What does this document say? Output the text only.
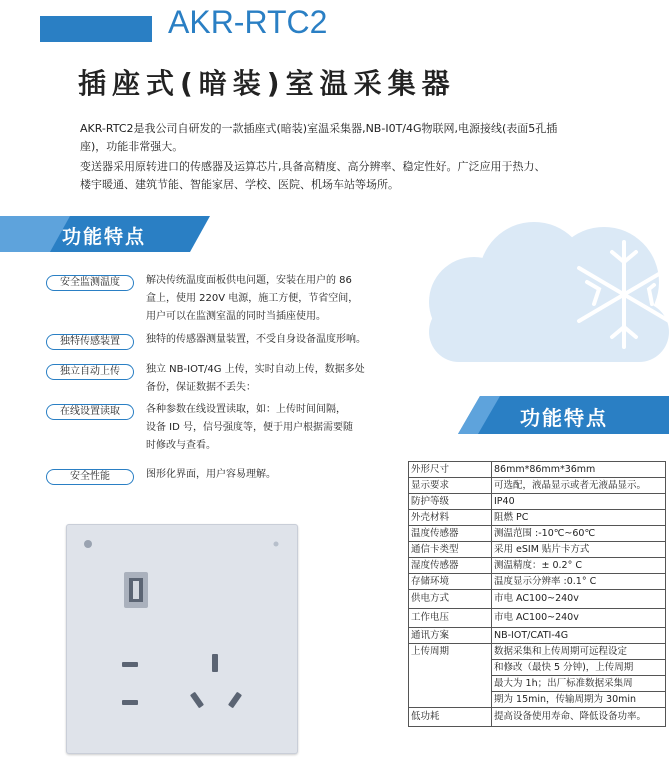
AKR-RTC2
插座式(暗装)室温采集器
AKR-RTC2是我公司自研发的一款插座式(暗装)室温采集器,NB-I0T/4G物联网,电源接线(表面5孔插
座)，功能非常强大。
变送器采用原转进口的传感器及运算芯片,具备高精度、高分辨率、稳定性好。广泛应用于热力、
楼宇暖通、建筑节能、智能家居、学校、医院、机场车站等场所。
功能特点
安全监测温度	解决传统温度面板供电问题，安装在用户的 86
盒上，使用 220V 电源，施工方便，节省空间，
用户可以在监测室温的同时当插座使用。
独特传感装置	独特的传感器测量装置，不受自身设备温度形响。
独立自动上传	独立 NB-IOT/4G 上传，实时自动上传，数据多处
备份，保证数据不丢失：
在线设置读取	各种参数在线设置读取，如：上传时间间隔，
设备 ID 号，信号强度等，便于用户根据需要随
时修改与查看。
安全性能	图形化界面，用户容易理解。
功能特点
外形尺寸	86mm*86mm*36mm
显示要求	可选配，液晶显示或者无液晶显示。
防护等级	IP40
外壳材料	阻燃 PC
温度传感器	测温范围 :-10℃~60℃
通信卡类型	采用 eSIM 贴片卡方式
湿度传感器	测温精度：± 0.2° C
存储环境	温度显示分辨率 :0.1° C
供电方式	市电 AC100~240v
工作电压	市电 AC100~240v
通讯方案	NB-IOT/CATI-4G
上传周期	数据采集和上传周期可远程设定
和修改（最快 5 分钟)，上传周期
最大为 1h；出厂标准数据采集周
期为 15min，传输周期为 30min

低功耗	提高设备使用寿命、降低设备功率。
